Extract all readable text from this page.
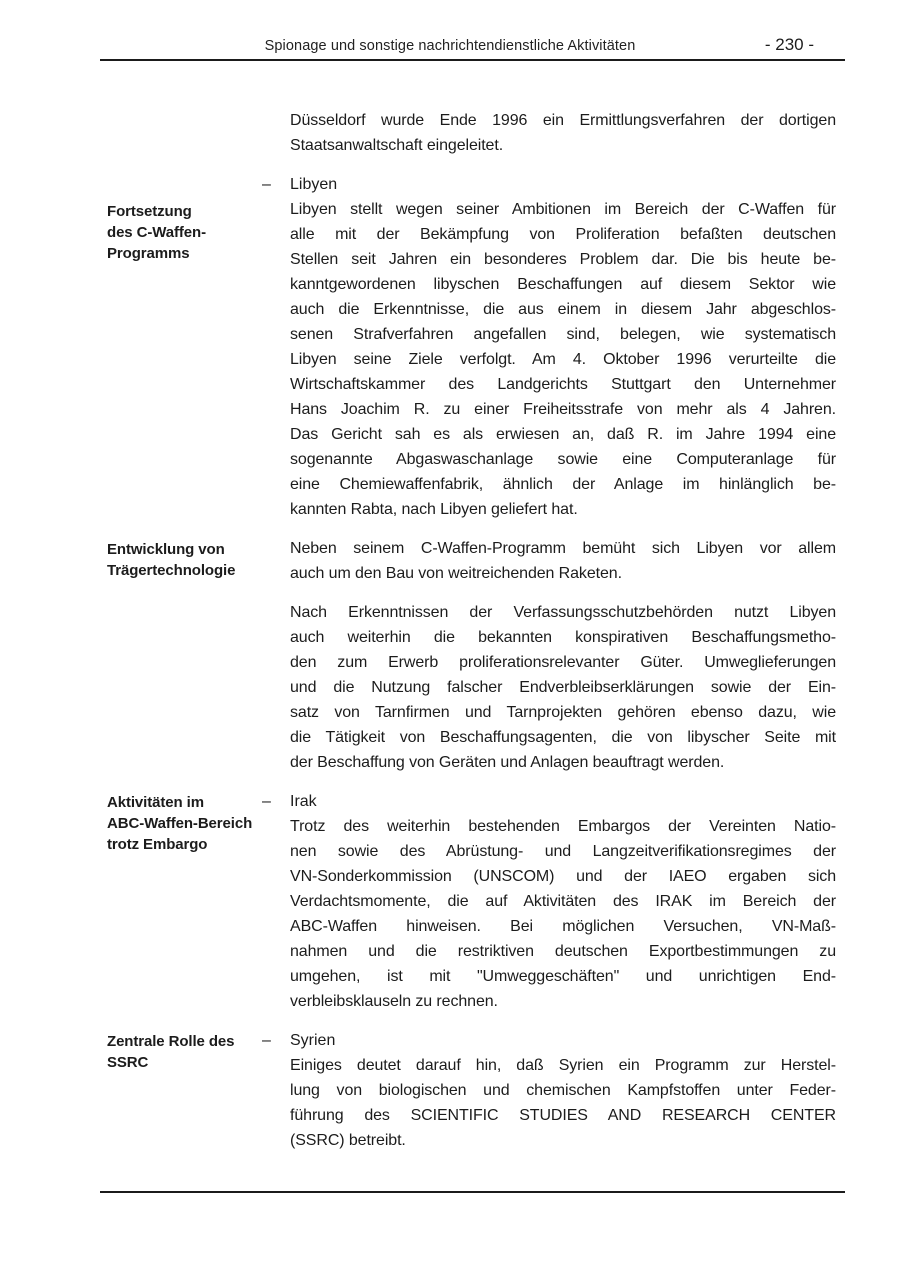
Spionage und sonstige nachrichtendienstliche Aktivitäten	- 230 -
Düsseldorf wurde Ende 1996 ein Ermittlungsverfahren der dortigen
Staatsanwaltschaft eingeleitet.
Fortsetzung
des C-Waffen-
Programms
–	Libyen
Libyen stellt wegen seiner Ambitionen im Bereich der C-Waffen für
alle mit der Bekämpfung von Proliferation befaßten deutschen
Stellen seit Jahren ein besonderes Problem dar. Die bis heute be-
kanntgewordenen libyschen Beschaffungen auf diesem Sektor wie
auch die Erkenntnisse, die aus einem in diesem Jahr abgeschlos-
senen Strafverfahren angefallen sind, belegen, wie systematisch
Libyen seine Ziele verfolgt. Am 4. Oktober 1996 verurteilte die
Wirtschaftskammer des Landgerichts Stuttgart den Unternehmer
Hans Joachim R. zu einer Freiheitsstrafe von mehr als 4 Jahren.
Das Gericht sah es als erwiesen an, daß R. im Jahre 1994 eine
sogenannte Abgaswaschanlage sowie eine Computeranlage für
eine Chemiewaffenfabrik, ähnlich der Anlage im hinlänglich be-
kannten Rabta, nach Libyen geliefert hat.
Entwicklung von
Trägertechnologie
Neben seinem C-Waffen-Programm bemüht sich Libyen vor allem
auch um den Bau von weitreichenden Raketen.
Nach Erkenntnissen der Verfassungsschutzbehörden nutzt Libyen
auch weiterhin die bekannten konspirativen Beschaffungsmetho-
den zum Erwerb proliferationsrelevanter Güter. Umweglieferungen
und die Nutzung falscher Endverbleibserklärungen sowie der Ein-
satz von Tarnfirmen und Tarnprojekten gehören ebenso dazu, wie
die Tätigkeit von Beschaffungsagenten, die von libyscher Seite mit
der Beschaffung von Geräten und Anlagen beauftragt werden.
Aktivitäten im
ABC-Waffen-Bereich
trotz Embargo
–	Irak
Trotz des weiterhin bestehenden Embargos der Vereinten Natio-
nen sowie des Abrüstung- und Langzeitverifikationsregimes der
VN-Sonderkommission (UNSCOM) und der IAEO ergaben sich
Verdachtsmomente, die auf Aktivitäten des IRAK im Bereich der
ABC-Waffen hinweisen. Bei möglichen Versuchen, VN-Maß-
nahmen und die restriktiven deutschen Exportbestimmungen zu
umgehen, ist mit "Umweggeschäften" und unrichtigen End-
verbleibsklauseln zu rechnen.
Zentrale Rolle des
SSRC
–	Syrien
Einiges deutet darauf hin, daß Syrien ein Programm zur Herstel-
lung von biologischen und chemischen Kampfstoffen unter Feder-
führung des SCIENTIFIC STUDIES AND RESEARCH CENTER
(SSRC) betreibt.
